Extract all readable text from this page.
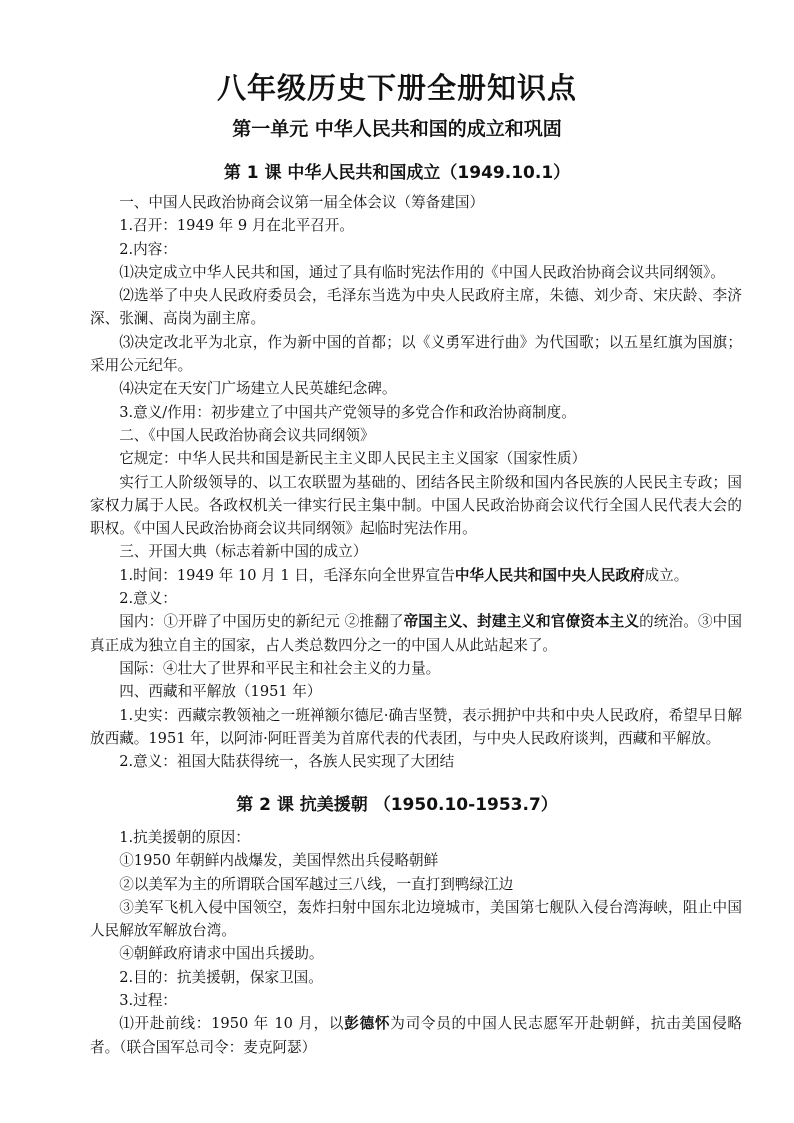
八年级历史下册全册知识点
第一单元 中华人民共和国的成立和巩固
第 1 课 中华人民共和国成立（1949.10.1）

一、中国人民政治协商会议第一届全体会议（筹备建国）

1.召开：1949 年 9 月在北平召开。

2.内容：

⑴决定成立中华人民共和国，通过了具有临时宪法作用的《中国人民政治协商会议共同纲领》。

⑵选举了中央人民政府委员会，毛泽东当选为中央人民政府主席，朱德、刘少奇、宋庆龄、李济深、张澜、高岗为副主席。

⑶决定改北平为北京，作为新中国的首都；以《义勇军进行曲》为代国歌；以五星红旗为国旗；采用公元纪年。

⑷决定在天安门广场建立人民英雄纪念碑。

3.意义/作用：初步建立了中国共产党领导的多党合作和政治协商制度。

二、《中国人民政治协商会议共同纲领》

它规定：中华人民共和国是新民主主义即人民民主主义国家（国家性质）

实行工人阶级领导的、以工农联盟为基础的、团结各民主阶级和国内各民族的人民民主专政；国家权力属于人民。各政权机关一律实行民主集中制。中国人民政治协商会议代行全国人民代表大会的职权。《中国人民政治协商会议共同纲领》起临时宪法作用。

三、开国大典（标志着新中国的成立）

1.时间：1949 年 10 月 1 日，毛泽东向全世界宣告中华人民共和国中央人民政府成立。

2.意义：

国内：①开辟了中国历史的新纪元 ②推翻了帝国主义、封建主义和官僚资本主义的统治。③中国真正成为独立自主的国家，占人类总数四分之一的中国人从此站起来了。

国际：④壮大了世界和平民主和社会主义的力量。

四、西藏和平解放（1951 年）

1.史实：西藏宗教领袖之一班禅额尔德尼·确吉坚赞，表示拥护中共和中央人民政府，希望早日解放西藏。1951 年，以阿沛·阿旺晋美为首席代表的代表团，与中央人民政府谈判，西藏和平解放。

2.意义：祖国大陆获得统一，各族人民实现了大团结

第 2 课 抗美援朝 （1950.10-1953.7）

1.抗美援朝的原因：

①1950 年朝鲜内战爆发，美国悍然出兵侵略朝鲜

②以美军为主的所谓联合国军越过三八线，一直打到鸭绿江边

③美军飞机入侵中国领空，轰炸扫射中国东北边境城市，美国第七舰队入侵台湾海峡，阻止中国人民解放军解放台湾。

④朝鲜政府请求中国出兵援助。

2.目的：抗美援朝，保家卫国。

3.过程：

⑴开赴前线：1950 年 10 月，以彭德怀为司令员的中国人民志愿军开赴朝鲜，抗击美国侵略者。（联合国军总司令：麦克阿瑟）
